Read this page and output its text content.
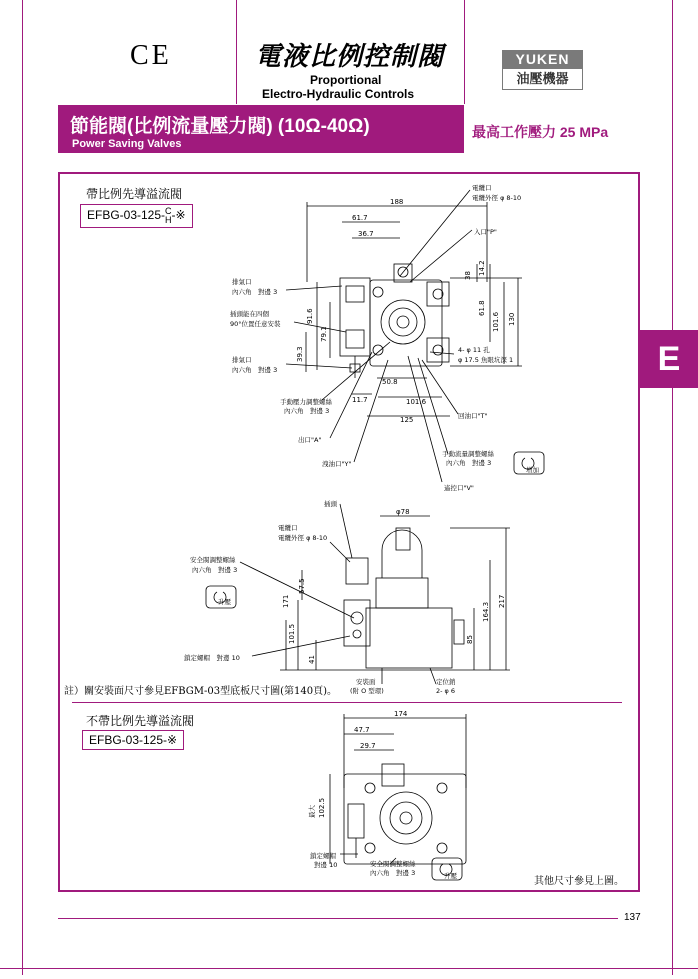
C E	電液比例控制閥
Proportional
Electro-Hydraulic Controls
YUKEN
油壓機器
節能閥(比例流量壓力閥) (10Ω-40Ω)
Power Saving Valves
最高工作壓力 25 MPa
E
帶比例先導溢流閥
EFBG-03-125- C
H -※
188
61.7
36.7
14.2
38
61.8
101.6 130
91.6
79.1
39.3
50.8
11.7	101.6
125
電纜口
電纜外徑 φ 8-10
入口"P"
排氣口
內六角　對邊 3
插頭能在四個
90°位置任意安裝
排氣口
內六角　對邊 3
4- φ 11 孔
φ 17.5 魚眼坑深 1
手動壓力調整螺絲
內六角　對邊 3
回油口"T"
出口"A"
手動流量調整螺絲
內六角　對邊 3
洩油口"Y"
增加
遙控口"V"
φ78
57.5
171
101.5
41
85
164.3
217
插頭
電纜口
電纜外徑 φ 8-10
安全閥調整螺絲
內六角　對邊 3
升壓
鎖定螺帽　對邊 10
安裝面
(附 O 型環)
定位銷
2- φ 6
註）關安裝面尺寸參見EFBGM-03型底板尺寸圖(第140頁)。
不帶比例先導溢流閥
EFBG-03-125-※
174
47.7
29.7
102.5
最大
鎖定螺帽
對邊 10	安全閥調整螺絲
內六角　對邊 3	升壓	其他尺寸參見上圖。
137
